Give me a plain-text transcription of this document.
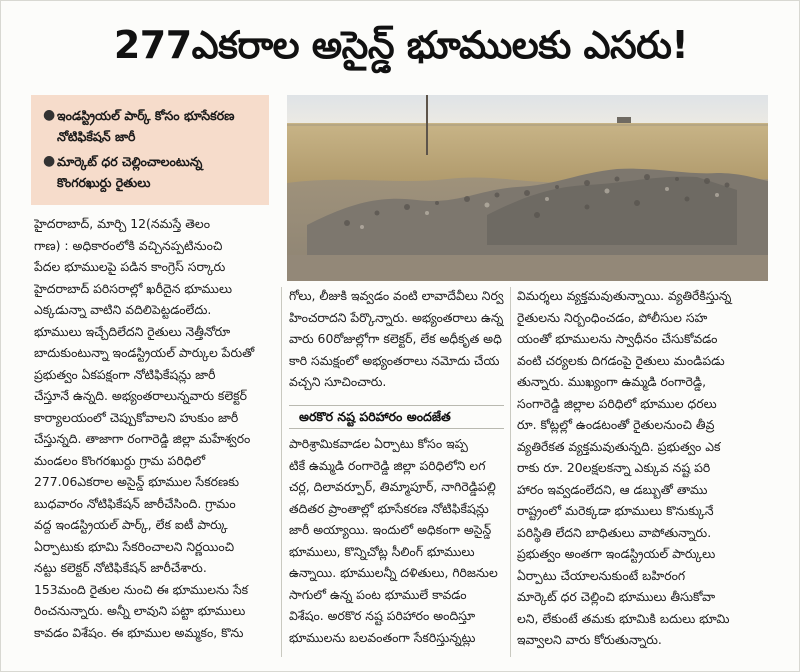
277ఎకరాల అసైన్డ్ భూములకు ఎసరు!
● ఇండస్ట్రియల్ పార్క్ కోసం భూసేకరణ నోటిఫికేషన్ జారీ
● మార్కెట్ ధర చెల్లించాలంటున్న కొంగరఖుర్దు రైతులు
హైదరాబాద్, మార్చి 12(నమస్తే తెలం
గాణ) : అధికారంలోకి వచ్చినప్పటినుంచి
పేదల భూములపై పడిన కాంగ్రెస్ సర్కారు
హైదరాబాద్ పరిసరాల్లో ఖరీదైన భూములు
ఎక్కడున్నా వాటిని వదిలిపెట్టడంలేదు.
భూములు ఇచ్చేదిలేదని రైతులు నెత్తీనోరూ
బాదుకుంటున్నా ఇండస్ట్రియల్ పార్కుల పేరుతో
ప్రభుత్వం ఏకపక్షంగా నోటిఫికేషన్లు జారీ
చేస్తూనే ఉన్నది. అభ్యంతరాలున్నవారు కలెక్టర్
కార్యాలయంలో చెప్పుకోవాలని హుకుం జారీ
చేస్తున్నది. తాజాగా రంగారెడ్డి జిల్లా మహేశ్వరం
మండలం కొంగరఖుర్దు గ్రామ పరిధిలో
277.06ఎకరాల అసైన్డ్ భూముల సేకరణకు
బుధవారం నోటిఫికేషన్ జారీచేసింది. గ్రామం
వద్ద ఇండస్ట్రియల్ పార్క్, లేక ఐటీ పార్కు
ఏర్పాటుకు భూమి సేకరించాలని నిర్ణయించి
నట్టు కలెక్టర్ నోటిఫికేషన్ జారీచేశారు.
153మంది రైతుల నుంచి ఈ భూములను సేక
రించనున్నారు. అన్నీ లావుని పట్టా భూములు
కావడం విశేషం. ఈ భూముల అమ్మకం, కొను
గోలు, లీజుకి ఇవ్వడం వంటి లావాదేవీలు నిర్వ
హించరాదని పేర్కొన్నారు. అభ్యంతరాలు ఉన్న
వారు 60రోజుల్లోగా కలెక్టర్, లేక అధీకృత అధి
కారి సమక్షంలో అభ్యంతరాలు నమోదు చేయ
వచ్చని సూచించారు.
అరకొర నష్ట పరిహారం అందజేత
పారిశ్రామికవాడల ఏర్పాటు కోసం ఇప్ప
టికే ఉమ్మడి రంగారెడ్డి జిల్లా పరిధిలోని లగ
చర్ల, దిలావర్పూర్, తిమ్మాపూర్, నాగిరెడ్డిపల్లి
తదితర ప్రాంతాల్లో భూసేకరణ నోటిఫికేషన్లు
జారీ అయ్యాయి. ఇందులో అధికంగా అసైన్డ్
భూములు, కొన్నిచోట్ల సీలింగ్ భూములు
ఉన్నాయి. భూములన్నీ దళితులు, గిరిజనుల
సాగులో ఉన్న పంట భూములే కావడం
విశేషం. అరకొర నష్ట పరిహారం అందిస్తూ
భూములను బలవంతంగా సేకరిస్తున్నట్లు
విమర్శలు వ్యక్తమవుతున్నాయి. వ్యతిరేకిస్తున్న
రైతులను నిర్బంధించడం, పోలీసుల సహ
యంతో భూములను స్వాధీనం చేసుకోవడం
వంటి చర్యలకు దిగడంపై రైతులు మండిపడు
తున్నారు. ముఖ్యంగా ఉమ్మడి రంగారెడ్డి,
సంగారెడ్డి జిల్లాల పరిధిలో భూముల ధరలు
రూ. కోట్లల్లో ఉండటంతో రైతులనుంచి తీవ్ర
వ్యతిరేకత వ్యక్తమవుతున్నది. ప్రభుత్వం ఎక
రాకు రూ. 20లక్షలకన్నా ఎక్కువ నష్ట పరి
హారం ఇవ్వడంలేదని, ఆ డబ్బుతో తాము
రాష్ట్రంలో మరెక్కడా భూములు కొనుక్కునే
పరిస్థితి లేదని బాధితులు వాపోతున్నారు.
ప్రభుత్వం అంతగా ఇండస్ట్రియల్ పార్కులు
ఏర్పాటు చేయాలనుకుంటే బహిరంగ
మార్కెట్ ధర చెల్లించి భూములు తీసుకోవా
లని, లేకుంటే తమకు భూమికి బదులు భూమి
ఇవ్వాలని వారు కోరుతున్నారు.
